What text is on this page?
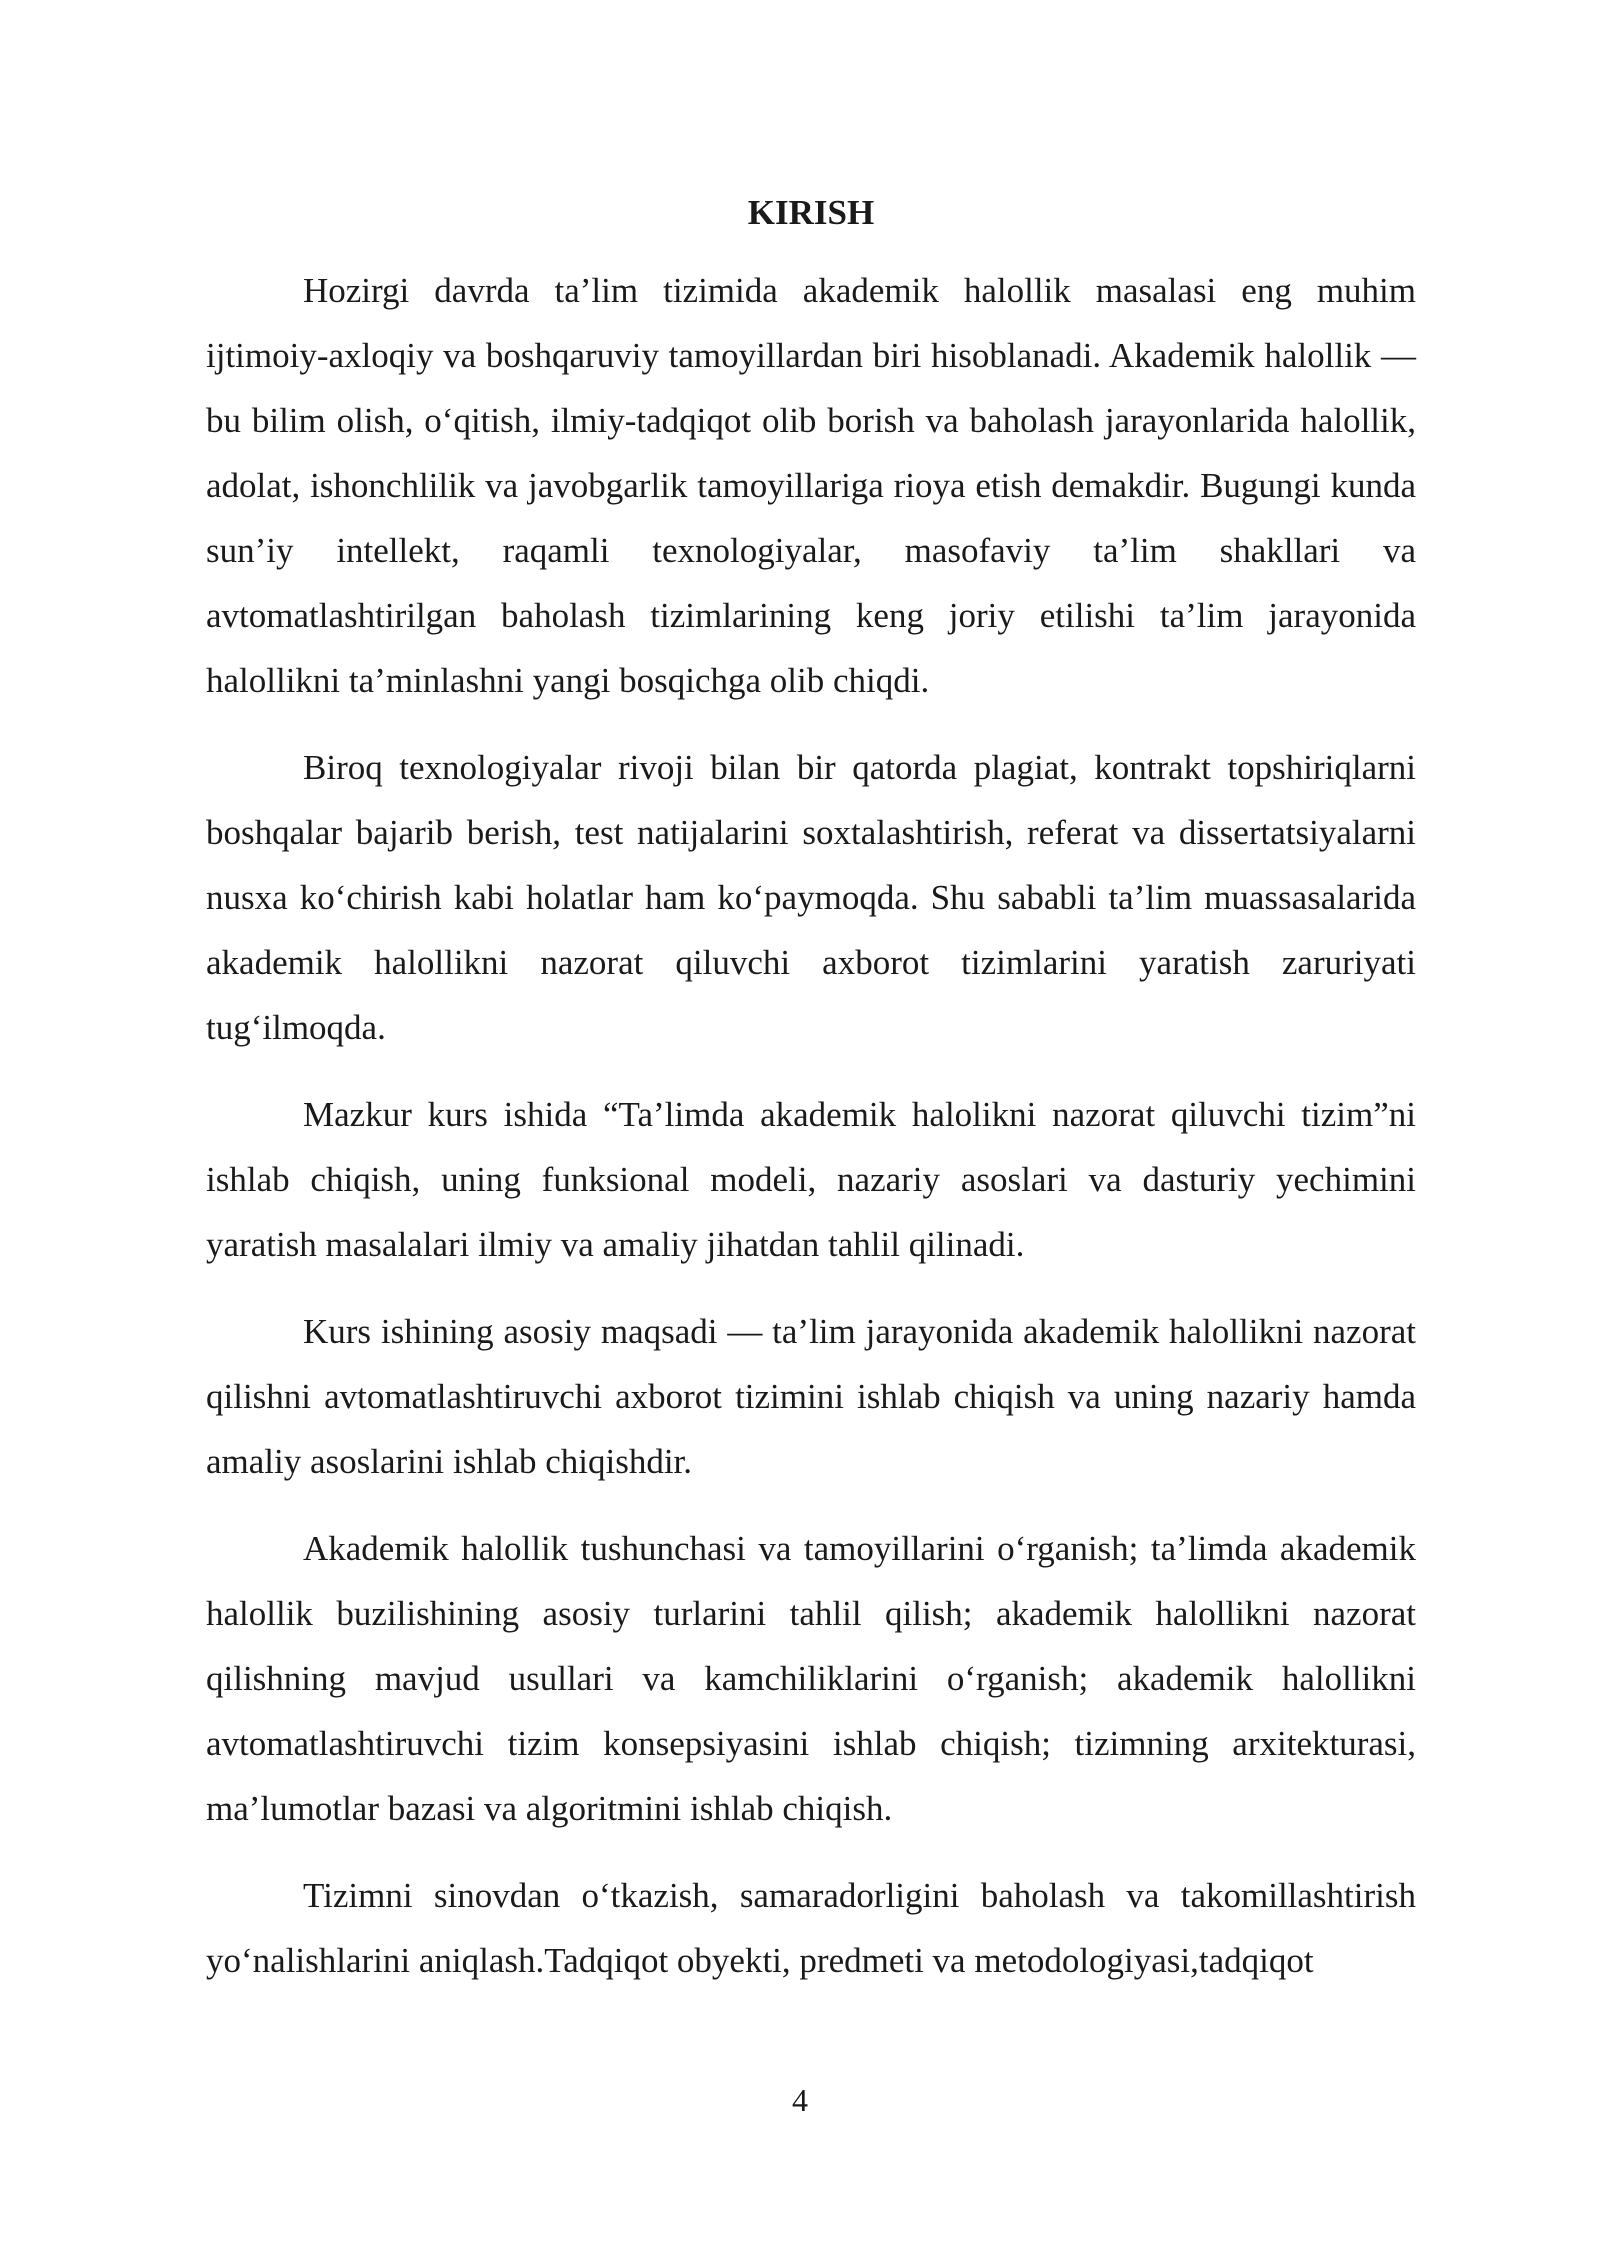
KIRISH

Hozirgi davrda ta’lim tizimida akademik halollik masalasi eng muhim ijtimoiy-axloqiy va boshqaruviy tamoyillardan biri hisoblanadi. Akademik halollik — bu bilim olish, o‘qitish, ilmiy-tadqiqot olib borish va baholash jarayonlarida halollik, adolat, ishonchlilik va javobgarlik tamoyillariga rioya etish demakdir. Bugungi kunda sun’iy intellekt, raqamli texnologiyalar, masofaviy ta’lim shakllari va avtomatlashtirilgan baholash tizimlarining keng joriy etilishi ta’lim jarayonida halollikni ta’minlashni yangi bosqichga olib chiqdi.

Biroq texnologiyalar rivoji bilan bir qatorda plagiat, kontrakt topshiriqlarni boshqalar bajarib berish, test natijalarini soxtalashtirish, referat va dissertatsiyalarni nusxa ko‘chirish kabi holatlar ham ko‘paymoqda. Shu sababli ta’lim muassasalarida akademik halollikni nazorat qiluvchi axborot tizimlarini yaratish zaruriyati tug‘ilmoqda.

Mazkur kurs ishida “Ta’limda akademik halolikni nazorat qiluvchi tizim”ni ishlab chiqish, uning funksional modeli, nazariy asoslari va dasturiy yechimini yaratish masalalari ilmiy va amaliy jihatdan tahlil qilinadi.

Kurs ishining asosiy maqsadi — ta’lim jarayonida akademik halollikni nazorat qilishni avtomatlashtiruvchi axborot tizimini ishlab chiqish va uning nazariy hamda amaliy asoslarini ishlab chiqishdir.

Akademik halollik tushunchasi va tamoyillarini o‘rganish; ta’limda akademik halollik buzilishining asosiy turlarini tahlil qilish; akademik halollikni nazorat qilishning mavjud usullari va kamchiliklarini o‘rganish; akademik halollikni avtomatlashtiruvchi tizim konsepsiyasini ishlab chiqish; tizimning arxitekturasi, ma’lumotlar bazasi va algoritmini ishlab chiqish.

Tizimni sinovdan o‘tkazish, samaradorligini baholash va takomillashtirish yo‘nalishlarini aniqlash.Tadqiqot obyekti, predmeti va metodologiyasi,tadqiqot

4
